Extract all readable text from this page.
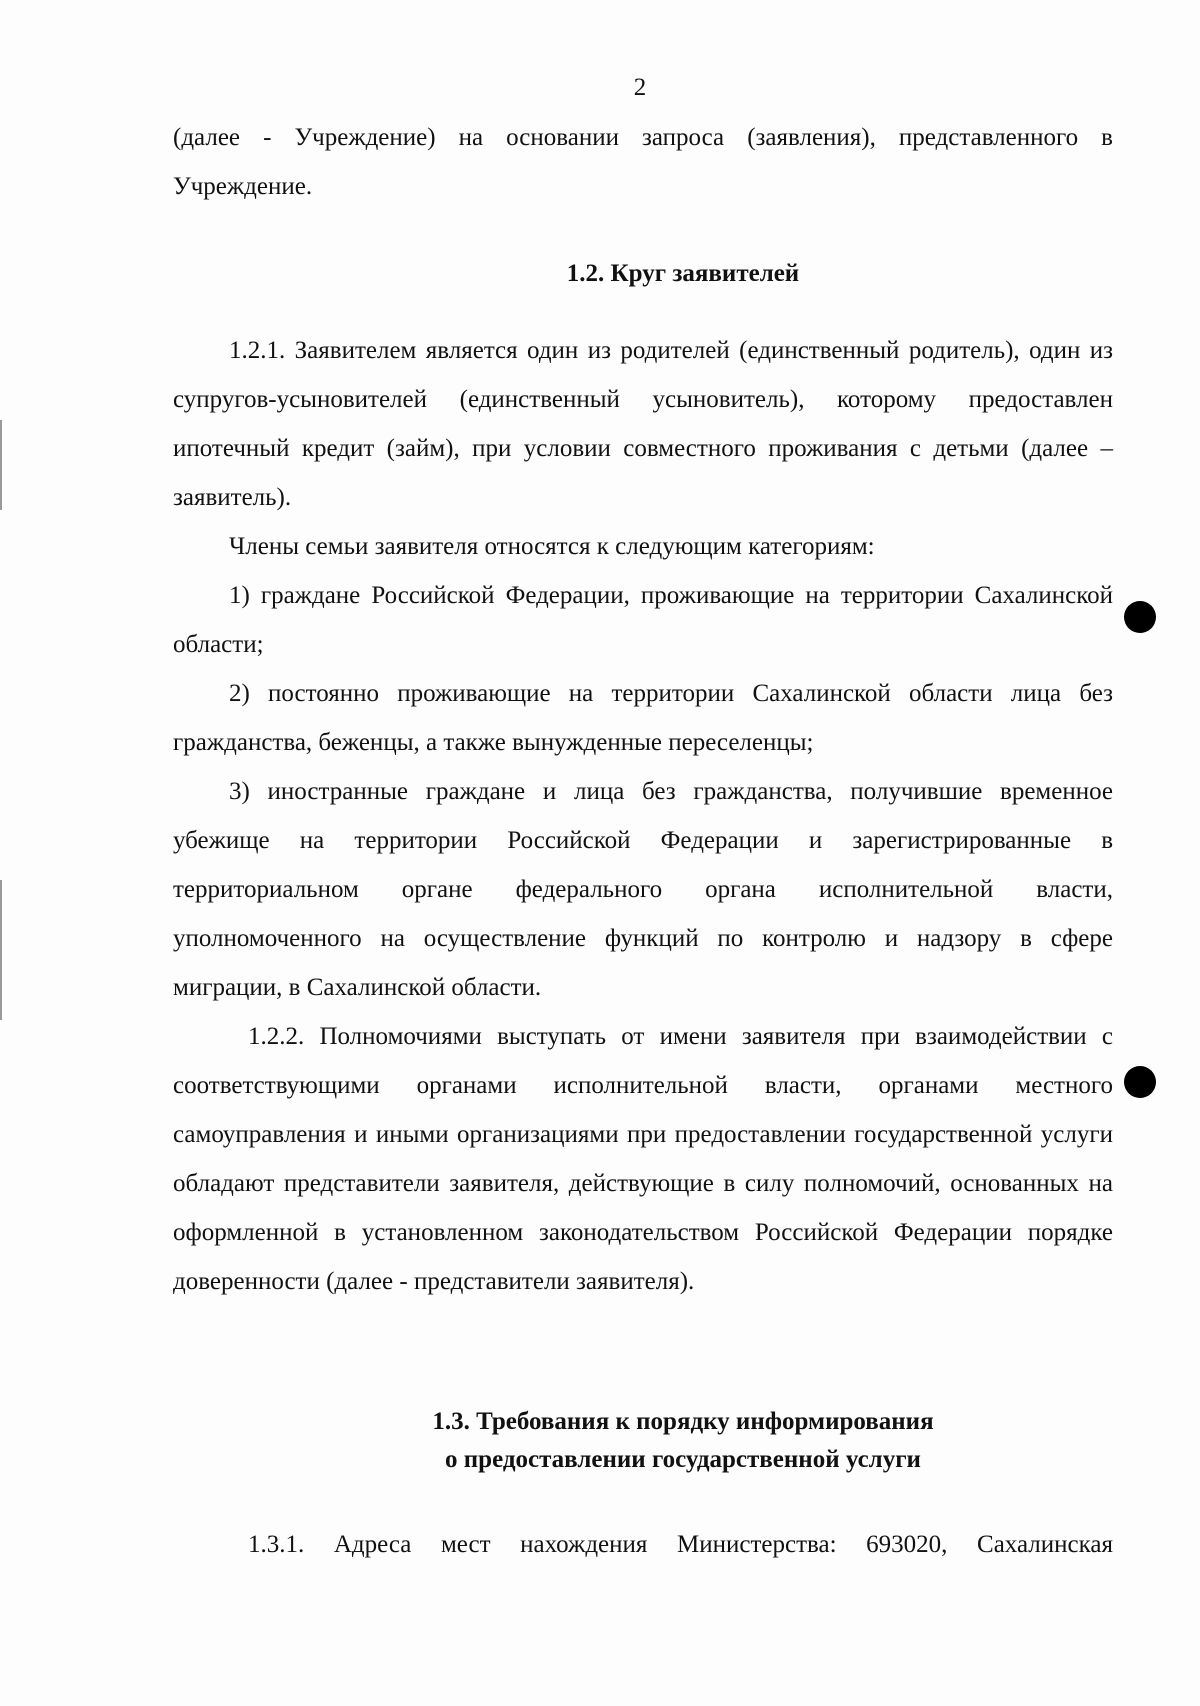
2

(далее - Учреждение) на основании запроса (заявления), представленного в

Учреждение.

1.2. Круг заявителей

1.2.1. Заявителем является один из родителей (единственный родитель), один из супругов-усыновителей (единственный усыновитель), которому предоставлен ипотечный кредит (займ), при условии совместного проживания с детьми (далее – заявитель).

Члены семьи заявителя относятся к следующим категориям:

1) граждане Российской Федерации, проживающие на территории Сахалинской области;

2) постоянно проживающие на территории Сахалинской области лица без гражданства, беженцы, а также вынужденные переселенцы;

3) иностранные граждане и лица без гражданства, получившие временное убежище на территории Российской Федерации и зарегистрированные в территориальном органе федерального органа исполнительной власти, уполномоченного на осуществление функций по контролю и надзору в сфере миграции, в Сахалинской области.

1.2.2. Полномочиями выступать от имени заявителя при взаимодействии с соответствующими органами исполнительной власти, органами местного самоуправления и иными организациями при предоставлении государственной услуги обладают представители заявителя, действующие в силу полномочий, основанных на оформленной в установленном законодательством Российской Федерации порядке доверенности (далее - представители заявителя).

1.3. Требования к порядку информирования
о предоставлении государственной услуги

1.3.1. Адреса мест нахождения Министерства: 693020, Сахалинская
